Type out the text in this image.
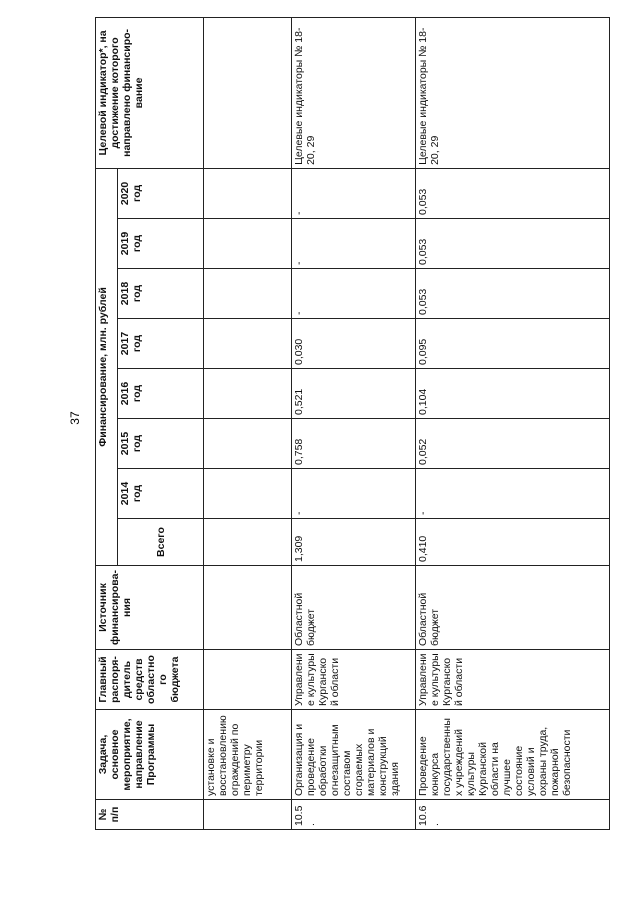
37
№ п/п	Задача, основное мероприятие, направление Программы	Главный распоря-дитель средств областного бюджета	Источник финансирова-ния	Финансирование, млн. рублей								Целевой индикатор*, на достижение которого направлено финансиро-вание
				Всего	2014 год	2015 год	2016 год	2017 год	2018 год	2019 год	2020 год	
	установке и восстановлению ограждений по периметру территории											
10.5.	Организация и проведение обработки огнезащитным составом сгораемых материалов и конструкций здания	Управление культуры Курганской области	Областной бюджет	1,309	-	0,758	0,521	0,030	-	-	-	Целевые индикаторы № 18-20, 29
10.6.	Проведение конкурса государственных учреждений культуры Курганской области на лучшее состояние условий и охраны труда, пожарной безопасности	Управление культуры Курганской области	Областной бюджет	0,410	-	0,052	0,104	0,095	0,053	0,053	0,053	Целевые индикаторы № 18-20, 29
